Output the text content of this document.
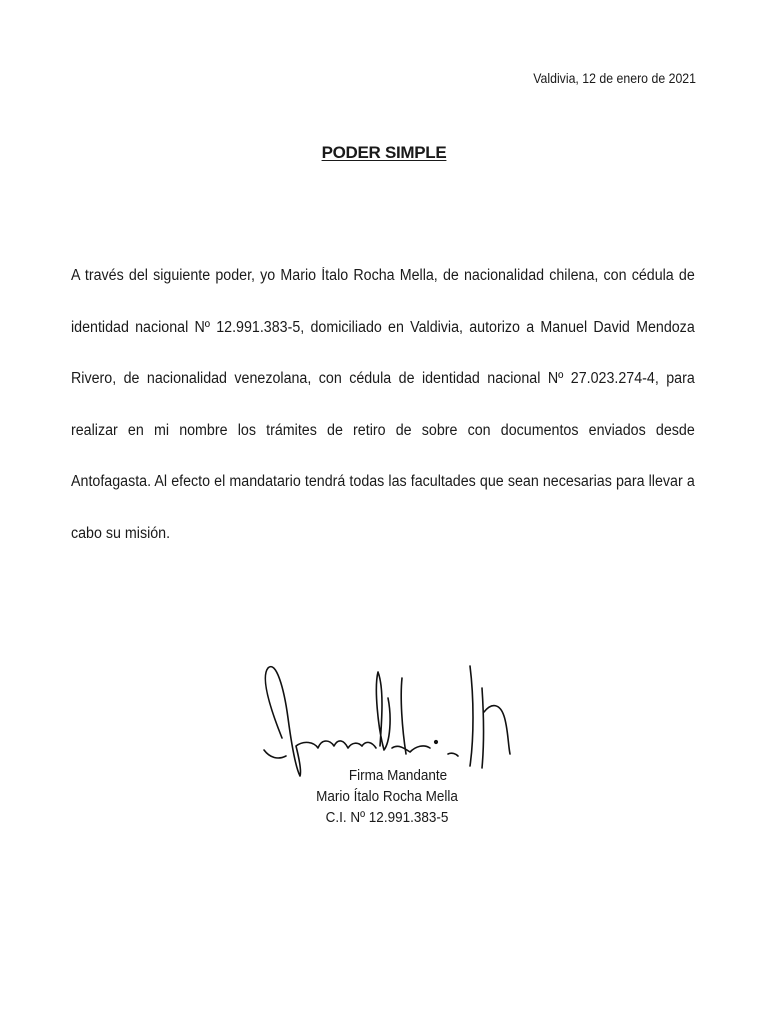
Valdivia, 12 de enero de 2021
PODER SIMPLE
A través del siguiente poder, yo Mario Ítalo Rocha Mella, de nacionalidad chilena, con cédula de identidad nacional Nº 12.991.383-5, domiciliado en Valdivia, autorizo a Manuel David Mendoza Rivero, de nacionalidad venezolana, con cédula de identidad nacional Nº 27.023.274-4, para realizar en mi nombre los trámites de retiro de sobre con documentos enviados desde Antofagasta. Al efecto el mandatario tendrá todas las facultades que sean necesarias para llevar a cabo su misión.
Firma Mandante
Mario Ítalo Rocha Mella
C.I. Nº 12.991.383-5
